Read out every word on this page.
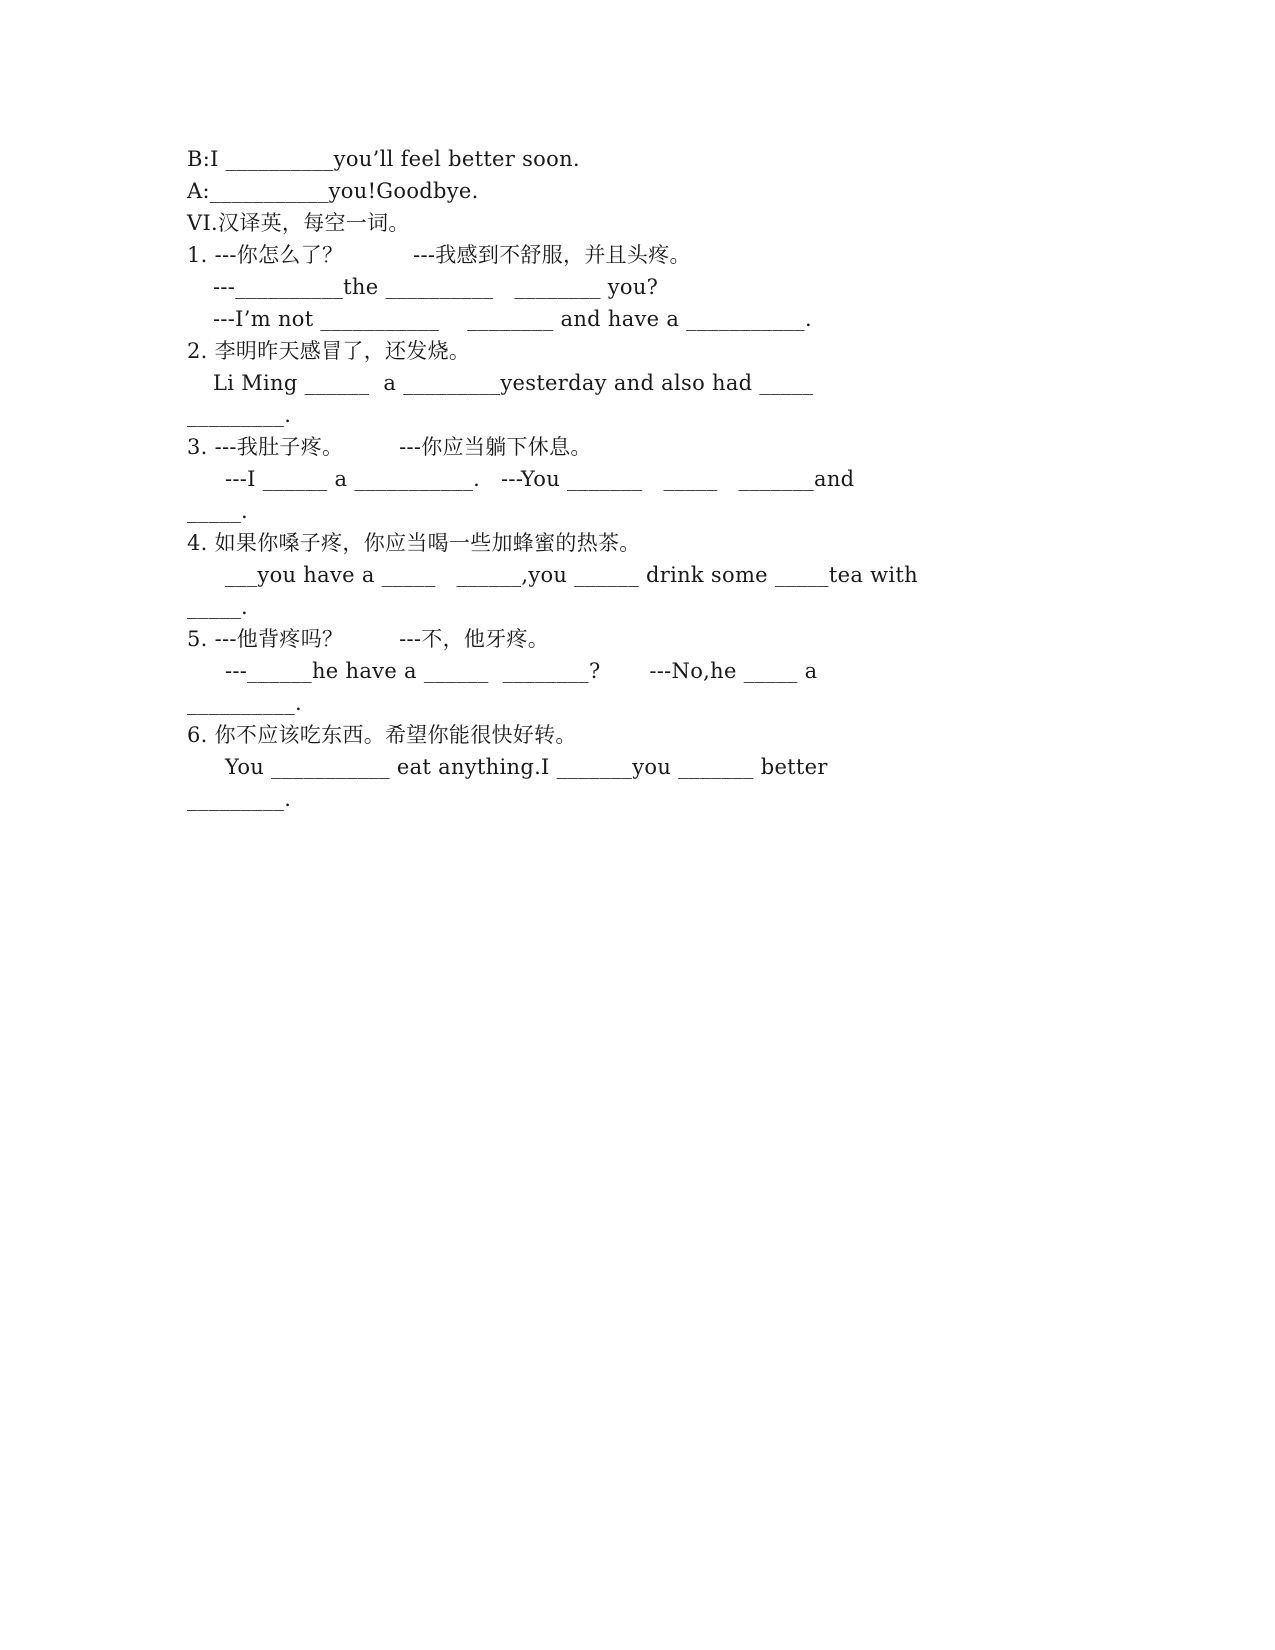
B:I __________you’ll feel better soon.
A:___________you!Goodbye.
VI.汉译英，每空一词。
1. ---你怎么了？          ---我感到不舒服，并且头疼。
---__________the __________   ________ you?
---I’m not ___________    ________ and have a ___________.
2. 李明昨天感冒了，还发烧。
Li Ming ______  a _________yesterday and also had _____
_________.
3. ---我肚子疼。        ---你应当躺下休息。
---I ______ a ___________.   ---You _______   _____   _______and
_____.
4. 如果你嗓子疼，你应当喝一些加蜂蜜的热茶。
___you have a _____   ______,you ______ drink some _____tea with
_____.
5. ---他背疼吗？        ---不，他牙疼。
---______he have a ______  ________?       ---No,he _____ a
__________.
6. 你不应该吃东西。希望你能很快好转。
You ___________ eat anything.I _______you _______ better
_________.
